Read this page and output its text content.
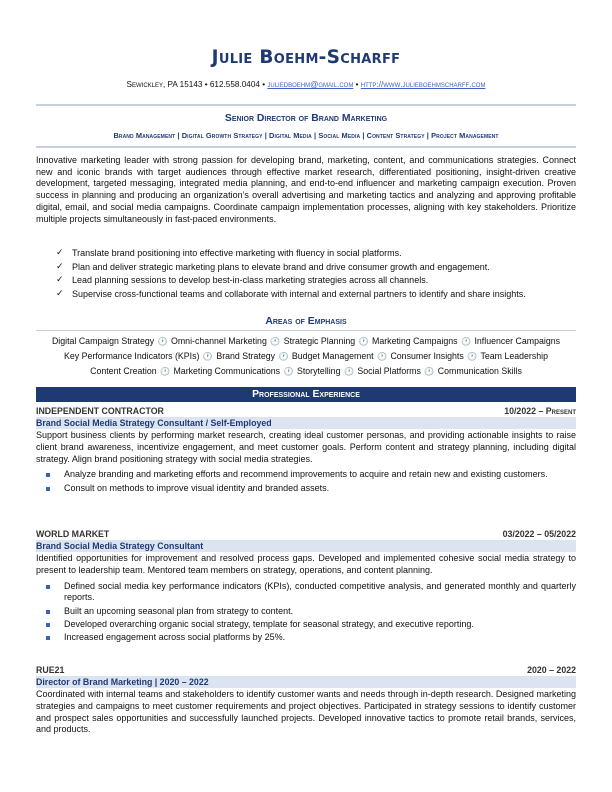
Julie Boehm-Scharff
Sewickley, PA 15143 • 612.558.0404 • juliedboehm@gmail.com • http://www.julieboehmscharff.com
Senior Director of Brand Marketing
Brand Management | Digital Growth Strategy | Digital Media | Social Media | Content Strategy | Project Management

Innovative marketing leader with strong passion for developing brand, marketing, content, and communications strategies. Connect new and iconic brands with target audiences through effective market research, differentiated positioning, insight-driven creative development, targeted messaging, integrated media planning, and end-to-end influencer and marketing campaign execution. Proven success in planning and producing an organization’s overall advertising and marketing tactics and analyzing and approving profitable digital, email, and social media campaigns. Coordinate campaign implementation processes, aligning with key stakeholders. Prioritize multiple projects simultaneously in fast-paced environments.

✓ Translate brand positioning into effective marketing with fluency in social platforms.
✓ Plan and deliver strategic marketing plans to elevate brand and drive consumer growth and engagement.
✓ Lead planning sessions to develop best-in-class marketing strategies across all channels.
✓ Supervise cross-functional teams and collaborate with internal and external partners to identify and share insights.
Areas of Emphasis
Digital Campaign Strategy 🕐 Omni-channel Marketing 🕐 Strategic Planning 🕐 Marketing Campaigns 🕐 Influencer Campaigns
Key Performance Indicators (KPIs) 🕐 Brand Strategy 🕐 Budget Management 🕐 Consumer Insights 🕐 Team Leadership
Content Creation 🕐 Marketing Communications 🕐 Storytelling 🕐 Social Platforms 🕐 Communication Skills
Professional Experience
INDEPENDENT CONTRACTOR	10/2022 – Present
Brand Social Media Strategy Consultant / Self-Employed

Support business clients by performing market research, creating ideal customer personas, and providing actionable insights to raise client brand awareness, incentivize engagement, and meet customer goals. Perform content and strategy planning, including digital strategy. Align brand positioning strategy with social media strategies.

Analyze branding and marketing efforts and recommend improvements to acquire and retain new and existing customers.
Consult on methods to improve visual identity and branded assets.
WORLD MARKET	03/2022 – 05/2022
Brand Social Media Strategy Consultant

Identified opportunities for improvement and resolved process gaps. Developed and implemented cohesive social media strategy to present to leadership team. Mentored team members on strategy, operations, and content planning.

Defined social media key performance indicators (KPIs), conducted competitive analysis, and generated monthly and quarterly reports.
Built an upcoming seasonal plan from strategy to content.
Developed overarching organic social strategy, template for seasonal strategy, and executive reporting.
Increased engagement across social platforms by 25%.
RUE21	2020 – 2022
Director of Brand Marketing | 2020 – 2022

Coordinated with internal teams and stakeholders to identify customer wants and needs through in-depth research. Designed marketing strategies and campaigns to meet customer requirements and project objectives. Participated in strategy sessions to identify customer and prospect sales opportunities and successfully launched projects. Developed innovative tactics to promote retail brands, services, and products.
